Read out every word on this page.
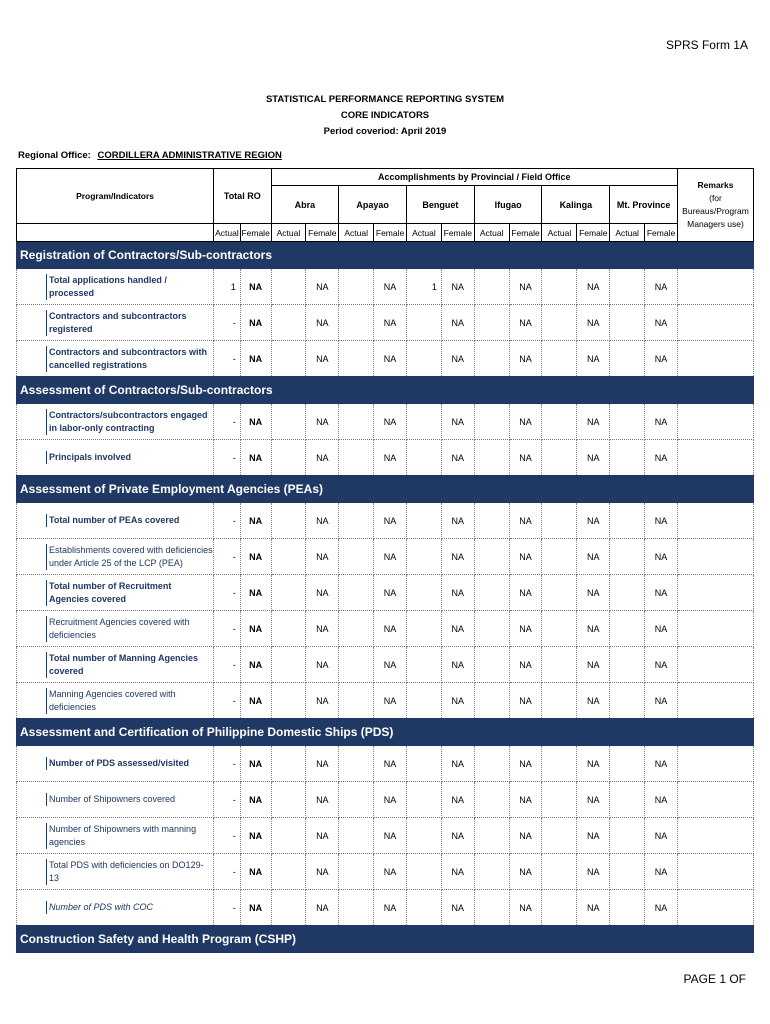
SPRS Form 1A
STATISTICAL PERFORMANCE REPORTING SYSTEM
CORE INDICATORS
Period coveriod: April 2019
Regional Office: CORDILLERA ADMINISTRATIVE REGION
Program/Indicators	Total RO		Accomplishments by Provincial / Field Office												Remarks
(for Bureaus/Program Managers use)
			Abra		Apayao		Benguet		Ifugao		Kalinga		Mt. Province		
	Actual	Female	Actual	Female	Actual	Female	Actual	Female	Actual	Female	Actual	Female	Actual	Female	
Registration of Contractors/Sub-contractors															

Total applications handled / processed	1	NA		NA		NA	1	NA		NA		NA		NA	

Contractors and subcontractors registered	-	NA		NA		NA		NA		NA		NA		NA	

Contractors and subcontractors with cancelled registrations	-	NA		NA		NA		NA		NA		NA		NA	
Assessment of Contractors/Sub-contractors															

Contractors/subcontractors engaged in labor-only contracting	-	NA		NA		NA		NA		NA		NA		NA	

Principals involved	-	NA		NA		NA		NA		NA		NA		NA	
Assessment of Private Employment Agencies (PEAs)															

Total number of PEAs covered	-	NA		NA		NA		NA		NA		NA		NA	

Establishments covered with deficiencies under Article 25 of the LCP (PEA)	-	NA		NA		NA		NA		NA		NA		NA	

Total number of Recruitment Agencies covered	-	NA		NA		NA		NA		NA		NA		NA	

Recruitment Agencies covered with deficiencies	-	NA		NA		NA		NA		NA		NA		NA	

Total number of Manning Agencies covered	-	NA		NA		NA		NA		NA		NA		NA	

Manning Agencies covered with deficiencies	-	NA		NA		NA		NA		NA		NA		NA	
Assessment and Certification of Philippine Domestic Ships (PDS)															

Number of PDS assessed/visited	-	NA		NA		NA		NA		NA		NA		NA	

Number of Shipowners covered	-	NA		NA		NA		NA		NA		NA		NA	

Number of Shipowners with manning agencies	-	NA		NA		NA		NA		NA		NA		NA	

Total PDS with deficiencies on DO129-13	-	NA		NA		NA		NA		NA		NA		NA	

Number of PDS with COC	-	NA		NA		NA		NA		NA		NA		NA	
Construction Safety and Health Program (CSHP)															
PAGE 1 OF
